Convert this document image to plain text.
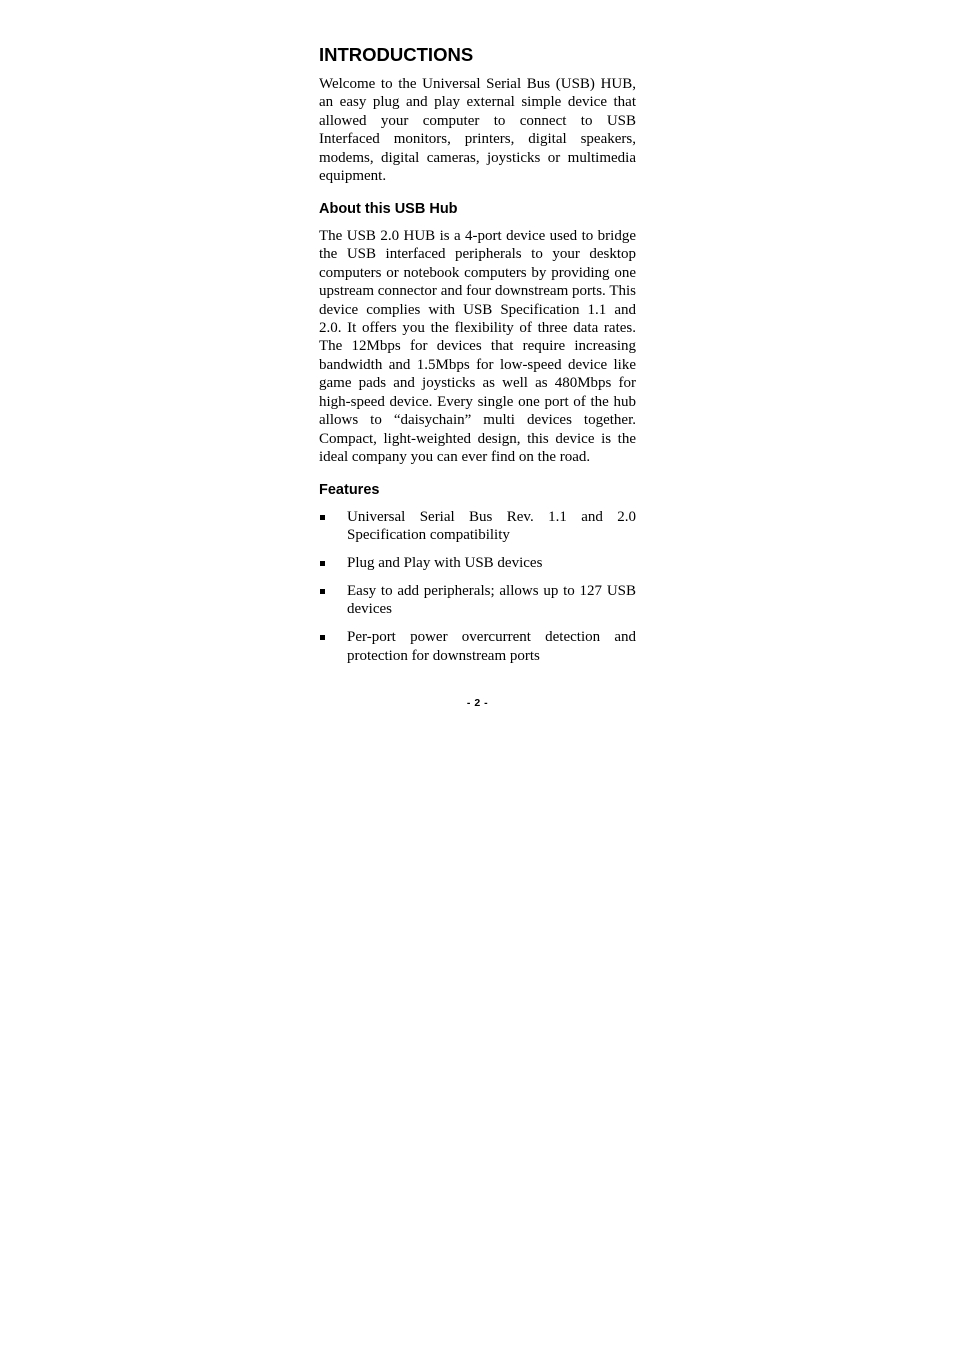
INTRODUCTIONS

Welcome to the Universal Serial Bus (USB) HUB, an easy plug and play external simple device that allowed your computer to connect to USB Interfaced monitors, printers, digital speakers, modems, digital cameras, joysticks or multimedia equipment.

About this USB Hub

The USB 2.0 HUB is a 4-port device used to bridge the USB interfaced peripherals to your desktop computers or notebook computers by providing one upstream connector and four downstream ports. This device complies with USB Specification 1.1 and 2.0. It offers you the flexibility of three data rates. The 12Mbps for devices that require increasing bandwidth and 1.5Mbps for low-speed device like game pads and joysticks as well as 480Mbps for high-speed device. Every single one port of the hub allows to “daisychain” multi devices together. Compact, light-weighted design, this device is the ideal company you can ever find on the road.

Features
Universal Serial Bus Rev. 1.1 and 2.0 Specification compatibility
Plug and Play with USB devices
Easy to add peripherals; allows up to 127 USB devices
Per-port power overcurrent detection and protection for downstream ports
- 2 -
